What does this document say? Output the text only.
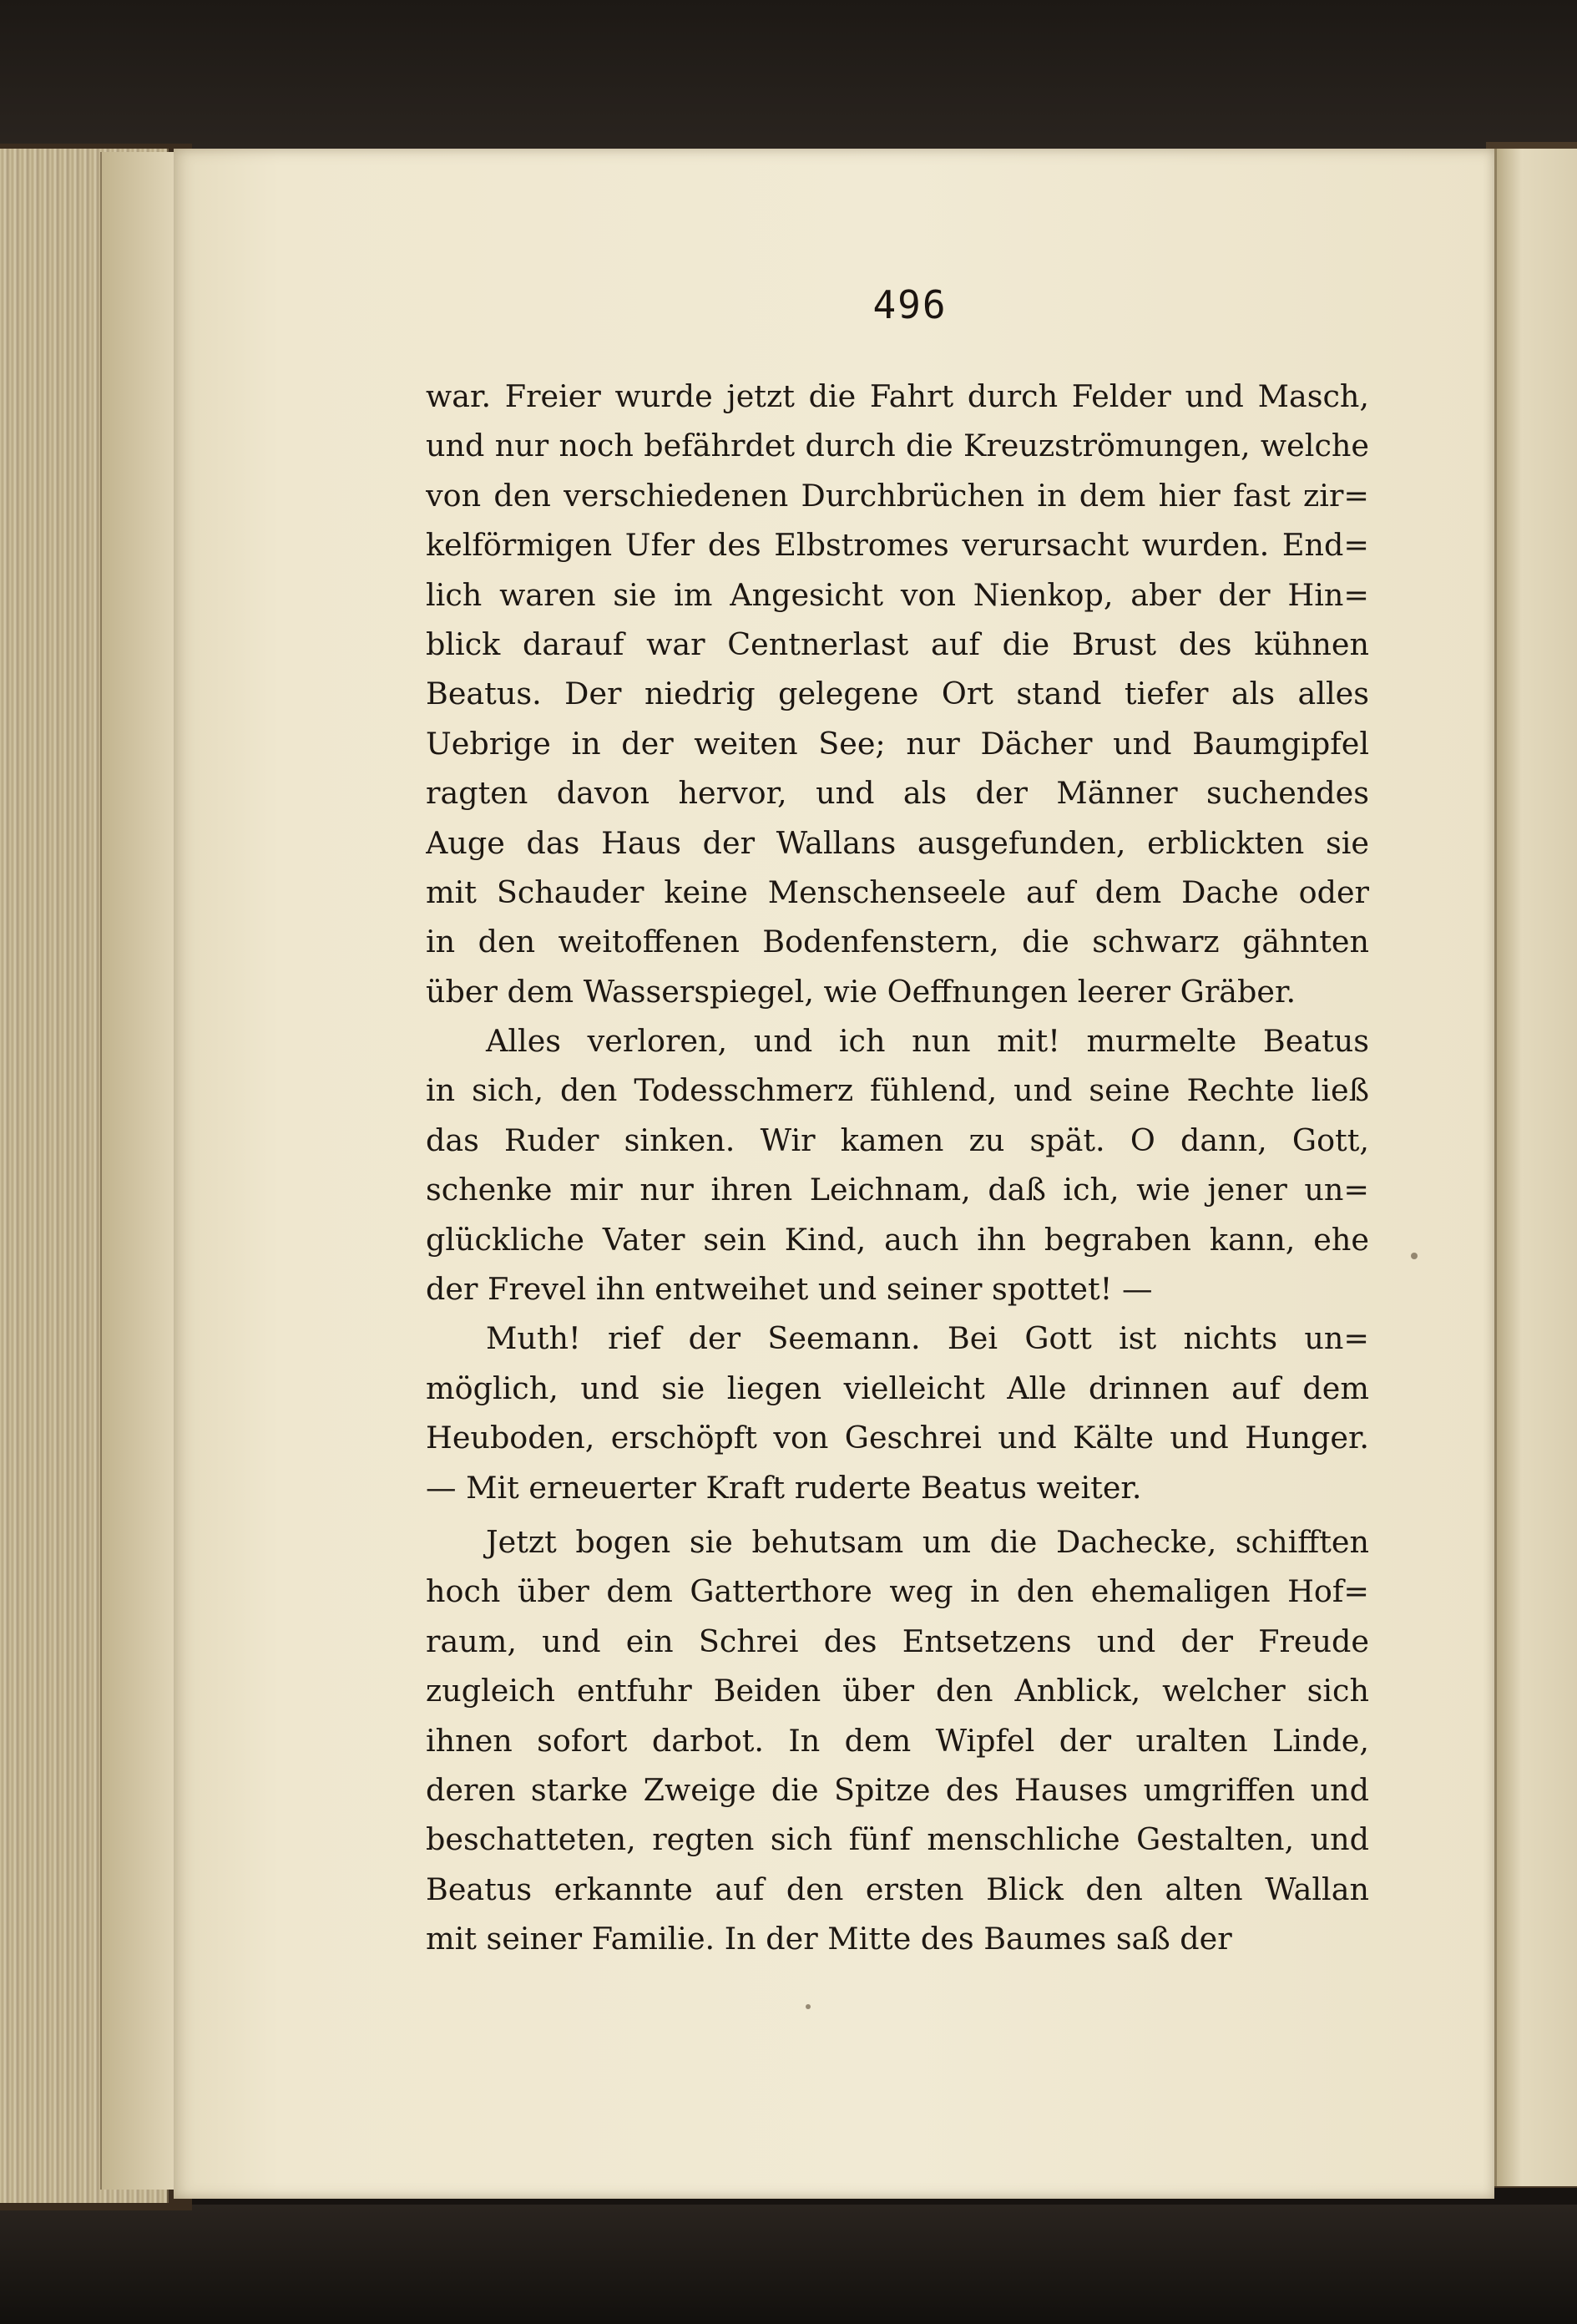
496
war. Freier wurde jetzt die Fahrt durch Felder und Masch,
und nur noch befährdet durch die Kreuzströmungen, welche
von den verschiedenen Durchbrüchen in dem hier fast zir=
kelförmigen Ufer des Elbstromes verursacht wurden. End=
lich waren sie im Angesicht von Nienkop, aber der Hin=
blick darauf war Centnerlast auf die Brust des kühnen
Beatus. Der niedrig gelegene Ort stand tiefer als alles
Uebrige in der weiten See; nur Dächer und Baumgipfel
ragten davon hervor, und als der Männer suchendes
Auge das Haus der Wallans ausgefunden, erblickten sie
mit Schauder keine Menschenseele auf dem Dache oder
in den weitoffenen Bodenfenstern, die schwarz gähnten
über dem Wasserspiegel, wie Oeffnungen leerer Gräber.
Alles verloren, und ich nun mit! murmelte Beatus
in sich, den Todesschmerz fühlend, und seine Rechte ließ
das Ruder sinken. Wir kamen zu spät. O dann, Gott,
schenke mir nur ihren Leichnam, daß ich, wie jener un=
glückliche Vater sein Kind, auch ihn begraben kann, ehe
der Frevel ihn entweihet und seiner spottet! —
Muth! rief der Seemann. Bei Gott ist nichts un=
möglich, und sie liegen vielleicht Alle drinnen auf dem
Heuboden, erschöpft von Geschrei und Kälte und Hunger.
— Mit erneuerter Kraft ruderte Beatus weiter.
Jetzt bogen sie behutsam um die Dachecke, schifften
hoch über dem Gatterthore weg in den ehemaligen Hof=
raum, und ein Schrei des Entsetzens und der Freude
zugleich entfuhr Beiden über den Anblick, welcher sich
ihnen sofort darbot. In dem Wipfel der uralten Linde,
deren starke Zweige die Spitze des Hauses umgriffen und
beschatteten, regten sich fünf menschliche Gestalten, und
Beatus erkannte auf den ersten Blick den alten Wallan
mit seiner Familie. In der Mitte des Baumes saß der
